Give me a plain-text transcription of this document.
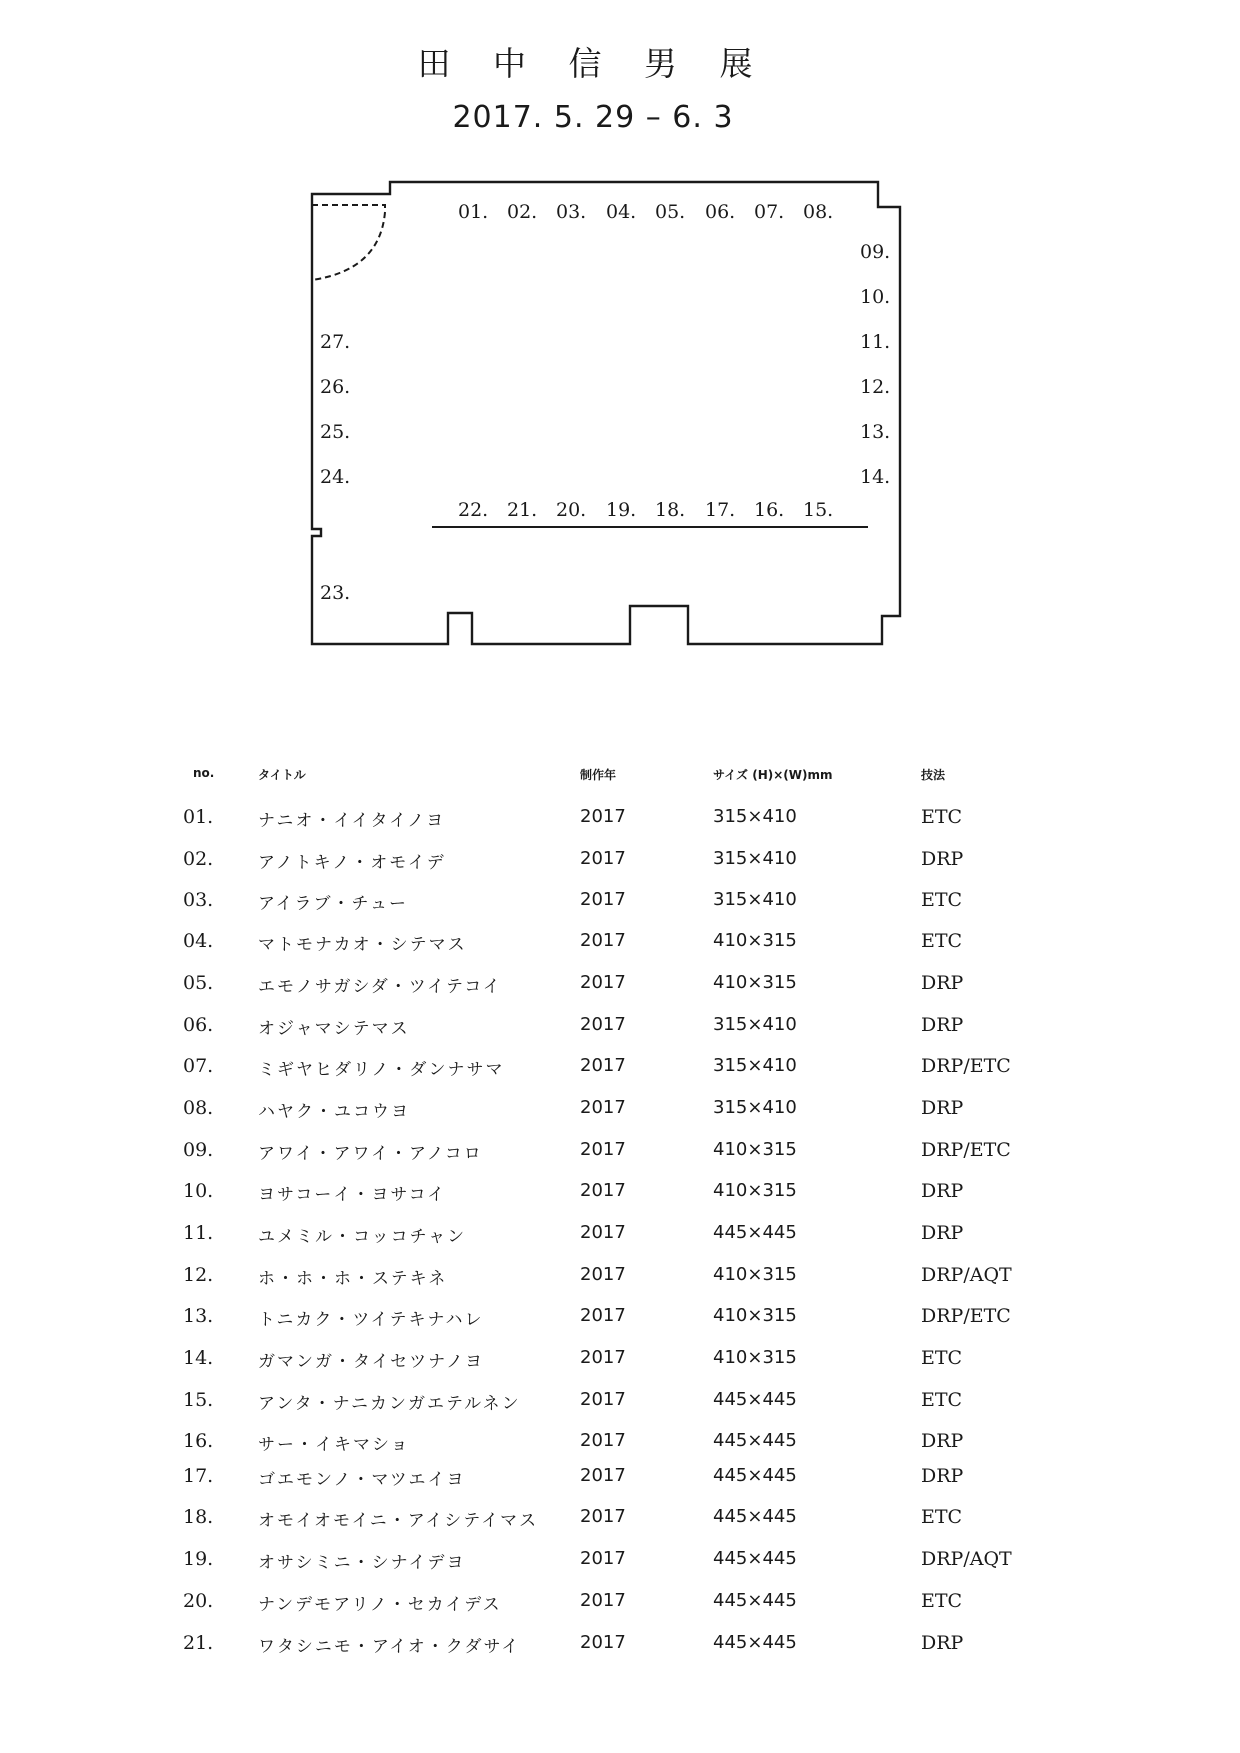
田 中 信 男 展
2017. 5. 29 – 6. 3
01. 02. 03. 04. 05. 06. 07. 08.
09.
10.
11.
12.
13.
14.
22. 21. 20. 19. 18. 17. 16. 15.
27.
26.
25.
24.
23.
no.	タイトル	制作年	サイズ (H)×(W)mm	技法
01.	ナニオ・イイタイノヨ	2017	315×410	ETC
02.	アノトキノ・オモイデ	2017	315×410	DRP
03.	アイラブ・チュー	2017	315×410	ETC
04.	マトモナカオ・シテマス	2017	410×315	ETC
05.	エモノサガシダ・ツイテコイ	2017	410×315	DRP
06.	オジャマシテマス	2017	315×410	DRP
07.	ミギヤヒダリノ・ダンナサマ	2017	315×410	DRP/ETC
08.	ハヤク・ユコウヨ	2017	315×410	DRP
09.	アワイ・アワイ・アノコロ	2017	410×315	DRP/ETC
10.	ヨサコーイ・ヨサコイ	2017	410×315	DRP
11.	ユメミル・コッコチャン	2017	445×445	DRP
12.	ホ・ホ・ホ・ステキネ	2017	410×315	DRP/AQT
13.	トニカク・ツイテキナハレ	2017	410×315	DRP/ETC
14.	ガマンガ・タイセツナノヨ	2017	410×315	ETC
15.	アンタ・ナニカンガエテルネン	2017	445×445	ETC
16.	サー・イキマショ	2017	445×445	DRP
17.	ゴエモンノ・マツエイヨ	2017	445×445	DRP
18.	オモイオモイニ・アイシテイマス 2017	445×445	ETC
19.	オサシミニ・シナイデヨ	2017	445×445	DRP/AQT
20.	ナンデモアリノ・セカイデス	2017	445×445	ETC
21.	ワタシニモ・アイオ・クダサイ	2017	445×445	DRP
